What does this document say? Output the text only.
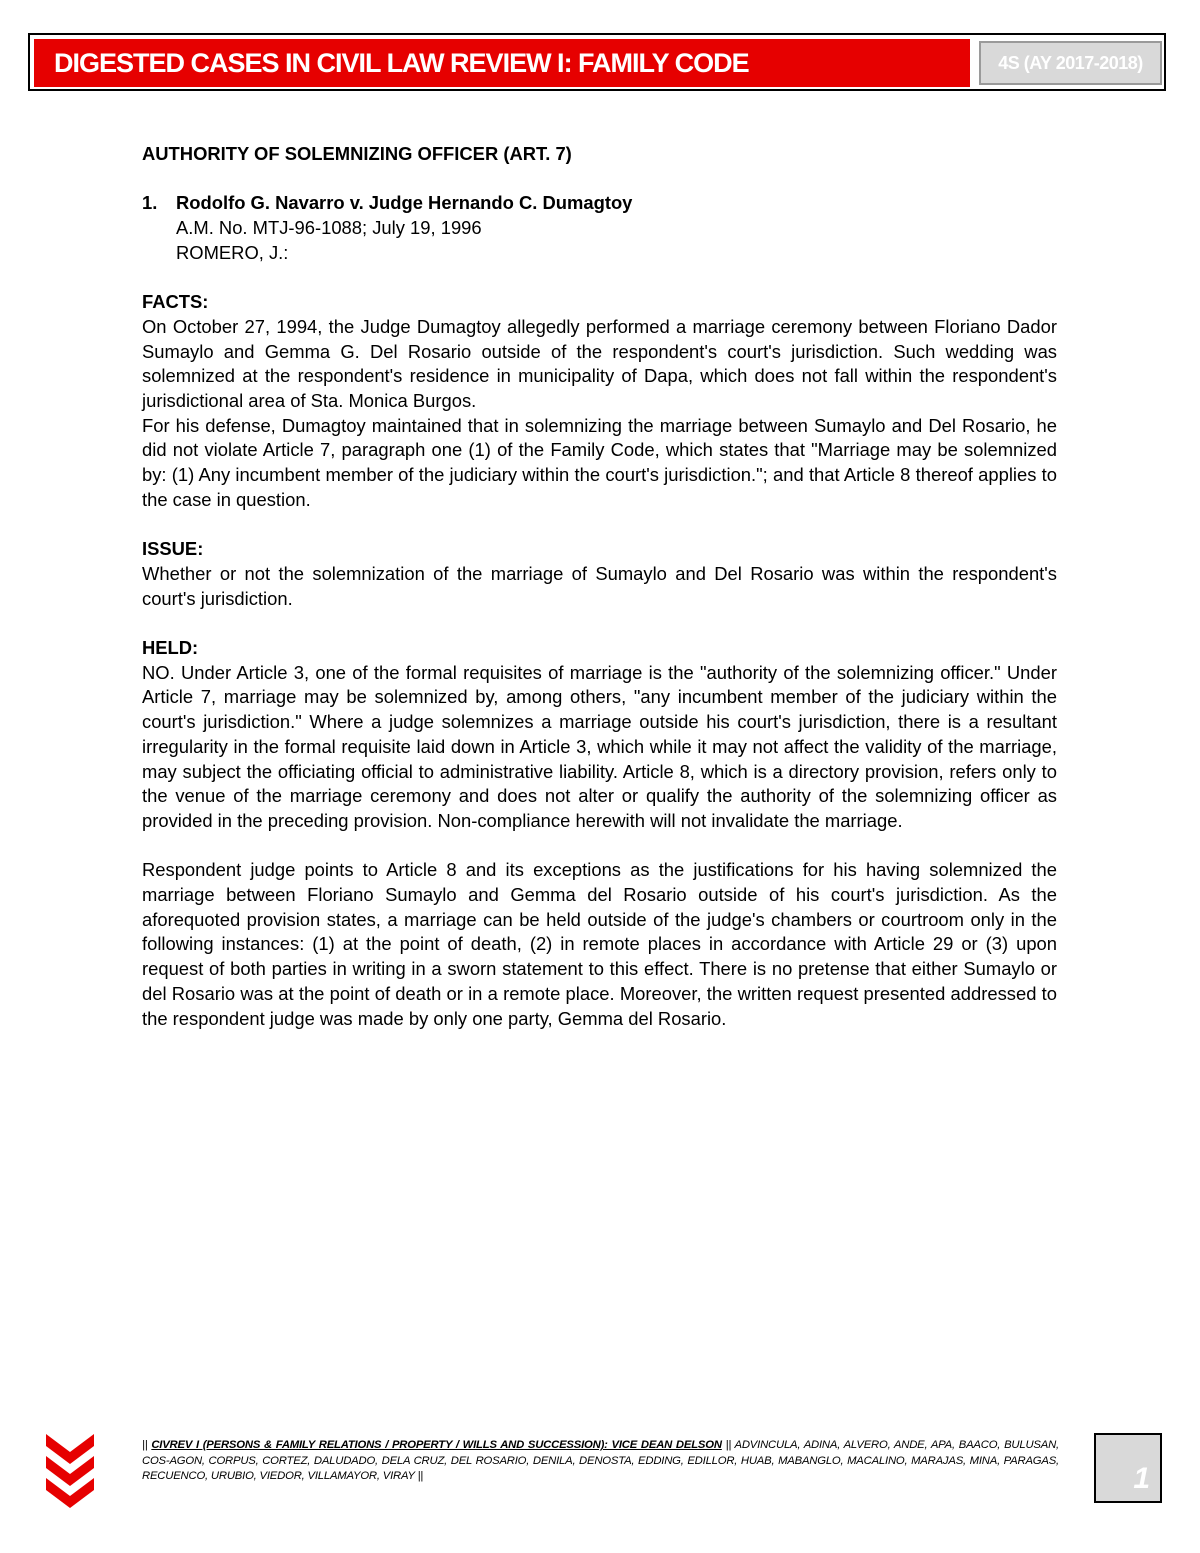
DIGESTED CASES IN CIVIL LAW REVIEW I: FAMILY CODE	4S (AY 2017-2018)
AUTHORITY OF SOLEMNIZING OFFICER (ART. 7)
1. Rodolfo G. Navarro v. Judge Hernando C. Dumagtoy
A.M. No. MTJ-96-1088; July 19, 1996
ROMERO, J.:
FACTS:

On October 27, 1994, the Judge Dumagtoy allegedly performed a marriage ceremony between Floriano Dador Sumaylo and Gemma G. Del Rosario outside of the respondent's court's jurisdiction. Such wedding was solemnized at the respondent's residence in municipality of Dapa, which does not fall within the respondent's jurisdictional area of Sta. Monica Burgos.

For his defense, Dumagtoy maintained that in solemnizing the marriage between Sumaylo and Del Rosario, he did not violate Article 7, paragraph one (1) of the Family Code, which states that "Marriage may be solemnized by: (1) Any incumbent member of the judiciary within the court's jurisdiction."; and that Article 8 thereof applies to the case in question.

ISSUE:

Whether or not the solemnization of the marriage of Sumaylo and Del Rosario was within the respondent's court's jurisdiction.

HELD:

NO. Under Article 3, one of the formal requisites of marriage is the "authority of the solemnizing officer." Under Article 7, marriage may be solemnized by, among others, "any incumbent member of the judiciary within the court's jurisdiction." Where a judge solemnizes a marriage outside his court's jurisdiction, there is a resultant irregularity in the formal requisite laid down in Article 3, which while it may not affect the validity of the marriage, may subject the officiating official to administrative liability. Article 8, which is a directory provision, refers only to the venue of the marriage ceremony and does not alter or qualify the authority of the solemnizing officer as provided in the preceding provision. Non-compliance herewith will not invalidate the marriage.

Respondent judge points to Article 8 and its exceptions as the justifications for his having solemnized the marriage between Floriano Sumaylo and Gemma del Rosario outside of his court's jurisdiction. As the aforequoted provision states, a marriage can be held outside of the judge's chambers or courtroom only in the following instances: (1) at the point of death, (2) in remote places in accordance with Article 29 or (3) upon request of both parties in writing in a sworn statement to this effect. There is no pretense that either Sumaylo or del Rosario was at the point of death or in a remote place. Moreover, the written request presented addressed to the respondent judge was made by only one party, Gemma del Rosario.

|| CIVREV I (PERSONS & FAMILY RELATIONS / PROPERTY / WILLS AND SUCCESSION): VICE DEAN DELSON || ADVINCULA, ADINA, ALVERO, ANDE, APA, BAACO, BULUSAN, COS-AGON, CORPUS, CORTEZ, DALUDADO, DELA CRUZ, DEL ROSARIO, DENILA, DENOSTA, EDDING, EDILLOR, HUAB, MABANGLO, MACALINO, MARAJAS, MINA, PARAGAS, RECUENCO, URUBIO, VIEDOR, VILLAMAYOR, VIRAY ||	1
